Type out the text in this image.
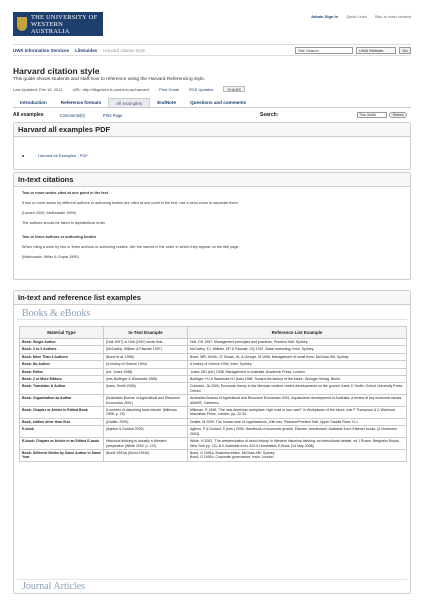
THE UNIVERSITY OF
WESTERN AUSTRALIA
Admin Sign In Quick Links Skip to main content
UWA Information Services LibGuides Harvard citation style	Site Search	UWA Website	Go
Harvard citation style
This guide shows students and staff how to reference using the Harvard Referencing style.
Last Updated: Feb 16, 2012	URL: http://libguides.is.uwa.edu.au/harvard	Print Guide	RSS Updates	SHARE
Introduction	Reference formats	All examples	EndNote	Questions and comments
All examples	Comments(0)	Print Page	Search:	This Guide	Search
Harvard all examples PDF
Harvard All Examples - PDF
In-text citations

Two or more works cited at one point in the text

If two or more works by different authors or authoring bodies are cited at one point in the text, use a semi-colon to separate them:

(Larsen 2000; Malinowski 1999)

The authors should be listed in alphabetical order.

Two or three authors or authoring bodies

When citing a work by two or three authors or authoring bodies, cite the names in the order in which they appear on the title page.

(Malinowski, Miller & Gupta 1995)

In-text and reference list examples
Books & eBooks
Material Type	In-Text Example	Reference List Example
Book: Single Author	(Holt 1997) or Holt (1997) wrote that...	Holt, DH 1997, Management principles and practices, Prentice-Hall, Sydney.
Book: 2 or 3 Authors	(McCarthy, William & Pascale 1997)	McCarthy, EJ, William, DP & Pascale, GQ 1997, Basic marketing, Irwin, Sydney.
Book: More Than 3 Authors	(Bond et al. 1996)	Bond, WR, Smith, JT, Brown, KL & George, M 1996, Management of small firms, McGraw-Hill, Sydney.
Book: No Author	(A history of Greece 1994)	A history of Greece 1994, Irwin, Sydney.
Book: Editor	(ed. Jones 1998)	Jones, MD (ed.) 1998, Management in Australia, Academic Press, London.
Book: 2 or More Editors	(eds Bullinger & Warnecke 1985)	Bullinger, HJ & Warnecke HJ (eds) 1985, Toward the factory of the future, Springer-Verlag, Berlin.
Book: Translator & Author	(Irans, Smith 2006)	Colorado, JA 2006, Economic theory in the Mexican context: recent developments on the ground, trans. K Smith, Oxford University Press, Oxford.
Book: Organisation as Author	(Australian Bureau of Agricultural and Resource Economics 2001)	Australian Bureau of Agricultural and Resource Economics 2001, Aquaculture development in Australia: a review of key economic issues, ABARE, Canberra.
Book: Chapter or Article in Edited Book	A number of disturbing facts intrude' (Milkman 1998, p. 25)	Milkman, R 1998, 'The new American workplace: high road or low road?' in Workplaces of the future, eds P Thompson & C Warhurst, Macmillan Press, London, pp. 22-34.
Book, edition other than first.	(Drafke, 2009)	Drafke, M 2009, The human side of organizations, 10th edn, Pearson/Prentice Hall, Upper Saddle River, N.J.
E-book	(Aghion & Durlauf 2005)	Aghion, P & Durlauf, S (eds.) 2005, Handbook of economic growth, Elsevier, Amsterdam. Available from: Elsevier books. [4 November 2004].
E-book: Chapter or Article in an Edited E-book	Historical thinking is actually a Western perspective (White 2002, p. 112)	White, H 2002, 'The westernization of world history' in Western historical thinking: an intercultural debate, ed J Rusen, Berghahn Books, New York pp. 111-119. Available from: ACLS Humanities E-Book. [14 May 2008].
Book: Different Works by Same Author in Same Year	(Bond 1991a) (Bond 1991b)	Bond, G 1991a, Business ethics, McGraw-Hill, Sydney.
Bond, G 1991b, Corporate governance, Irwin, London.
Journal Articles
